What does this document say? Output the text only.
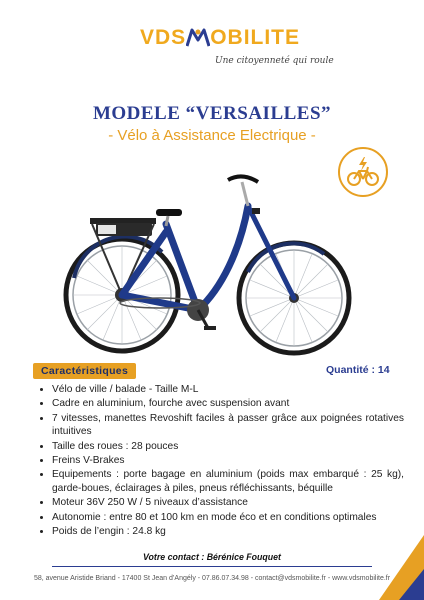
VDS OBILITE
Une citoyenneté qui roule
MODELE “VERSAILLES”
- Vélo à Assistance Electrique -
Caractéristiques	Quantité : 14
• Vélo de ville / balade - Taille M-L
• Cadre en aluminium, fourche avec suspension avant
• 7 vitesses, manettes Revoshift faciles à passer grâce aux poignées rotatives intuitives
• Taille des roues : 28 pouces
• Freins V-Brakes
• Equipements : porte bagage en aluminium (poids max embarqué : 25 kg), garde-boues, éclairages à piles, pneus réfléchissants, béquille
• Moteur 36V 250 W / 5 niveaux d’assistance
• Autonomie : entre 80 et 100 km en mode éco et en conditions optimales
• Poids de l’engin : 24.8 kg
Votre contact : Bérénice Fouquet
58, avenue Aristide Briand - 17400 St Jean d’Angély - 07.86.07.34.98 - contact@vdsmobilite.fr - www.vdsmobilite.fr
